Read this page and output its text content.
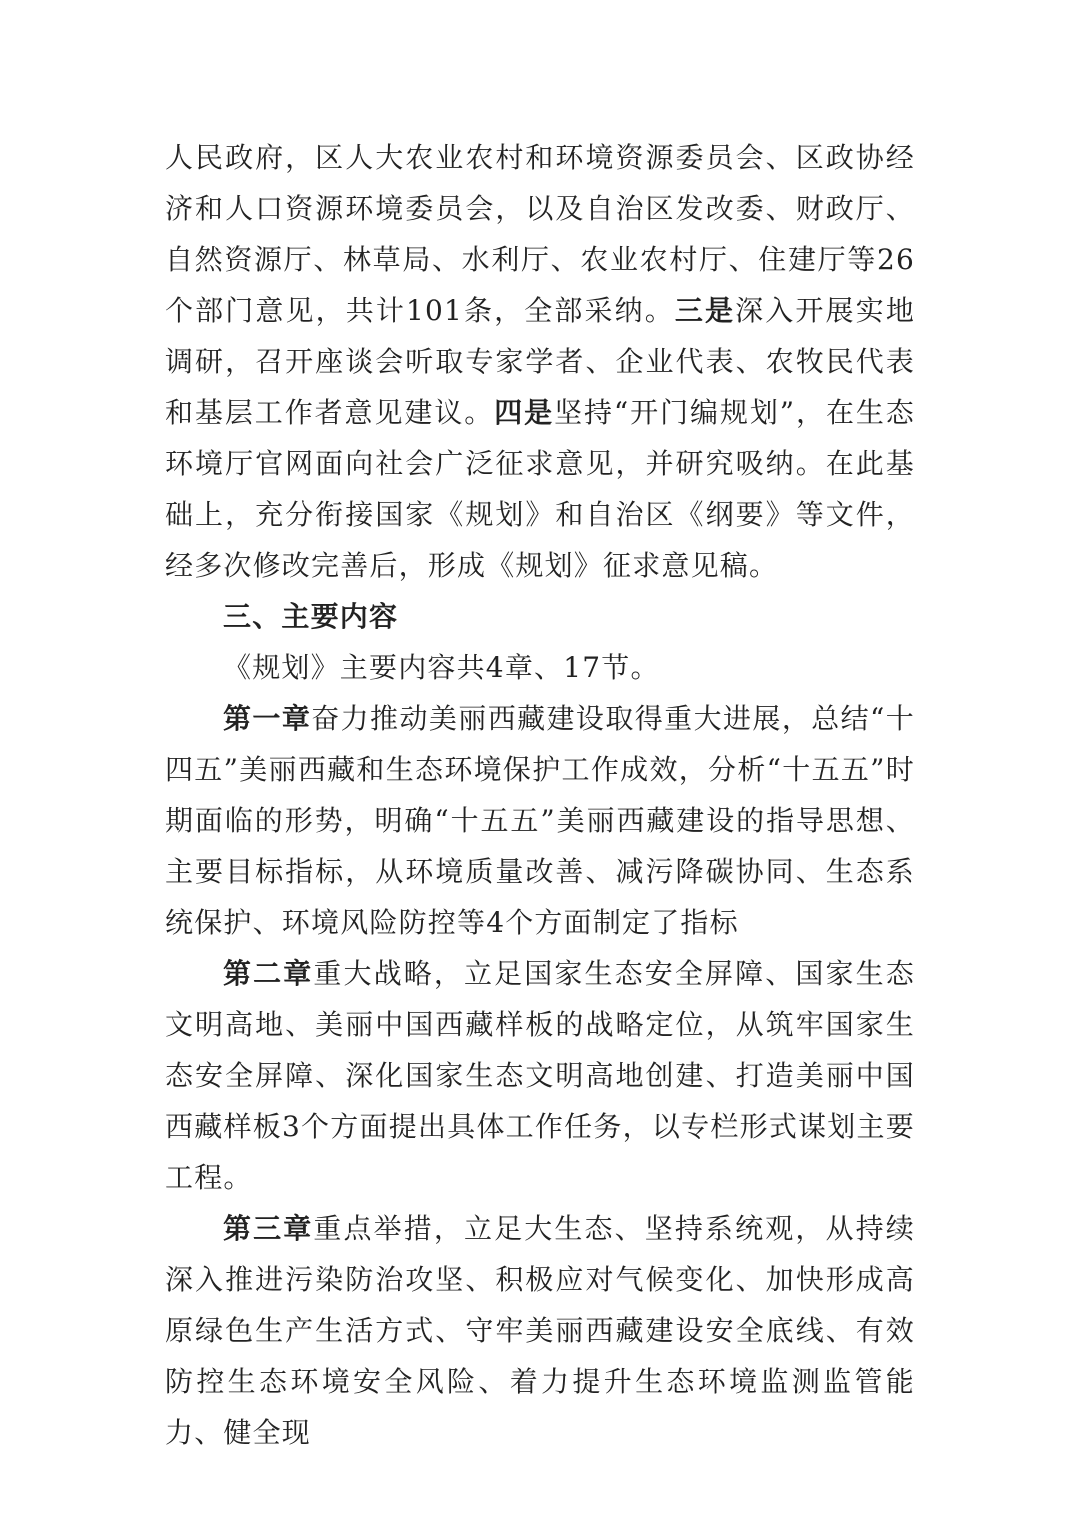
人民政府，区人大农业农村和环境资源委员会、区政协经济和人口资源环境委员会，以及自治区发改委、财政厅、自然资源厅、林草局、水利厅、农业农村厅、住建厅等26个部门意见，共计101条，全部采纳。三是深入开展实地调研，召开座谈会听取专家学者、企业代表、农牧民代表和基层工作者意见建议。四是坚持“开门编规划”，在生态环境厅官网面向社会广泛征求意见，并研究吸纳。在此基础上，充分衔接国家《规划》和自治区《纲要》等文件，经多次修改完善后，形成《规划》征求意见稿。

三、主要内容

《规划》主要内容共4章、17节。

第一章奋力推动美丽西藏建设取得重大进展，总结“十四五”美丽西藏和生态环境保护工作成效，分析“十五五”时期面临的形势，明确“十五五”美丽西藏建设的指导思想、主要目标指标，从环境质量改善、减污降碳协同、生态系统保护、环境风险防控等4个方面制定了指标

第二章重大战略，立足国家生态安全屏障、国家生态文明高地、美丽中国西藏样板的战略定位，从筑牢国家生态安全屏障、深化国家生态文明高地创建、打造美丽中国西藏样板3个方面提出具体工作任务，以专栏形式谋划主要工程。

第三章重点举措，立足大生态、坚持系统观，从持续深入推进污染防治攻坚、积极应对气候变化、加快形成高原绿色生产生活方式、守牢美丽西藏建设安全底线、有效防控生态环境安全风险、着力提升生态环境监测监管能力、健全现
